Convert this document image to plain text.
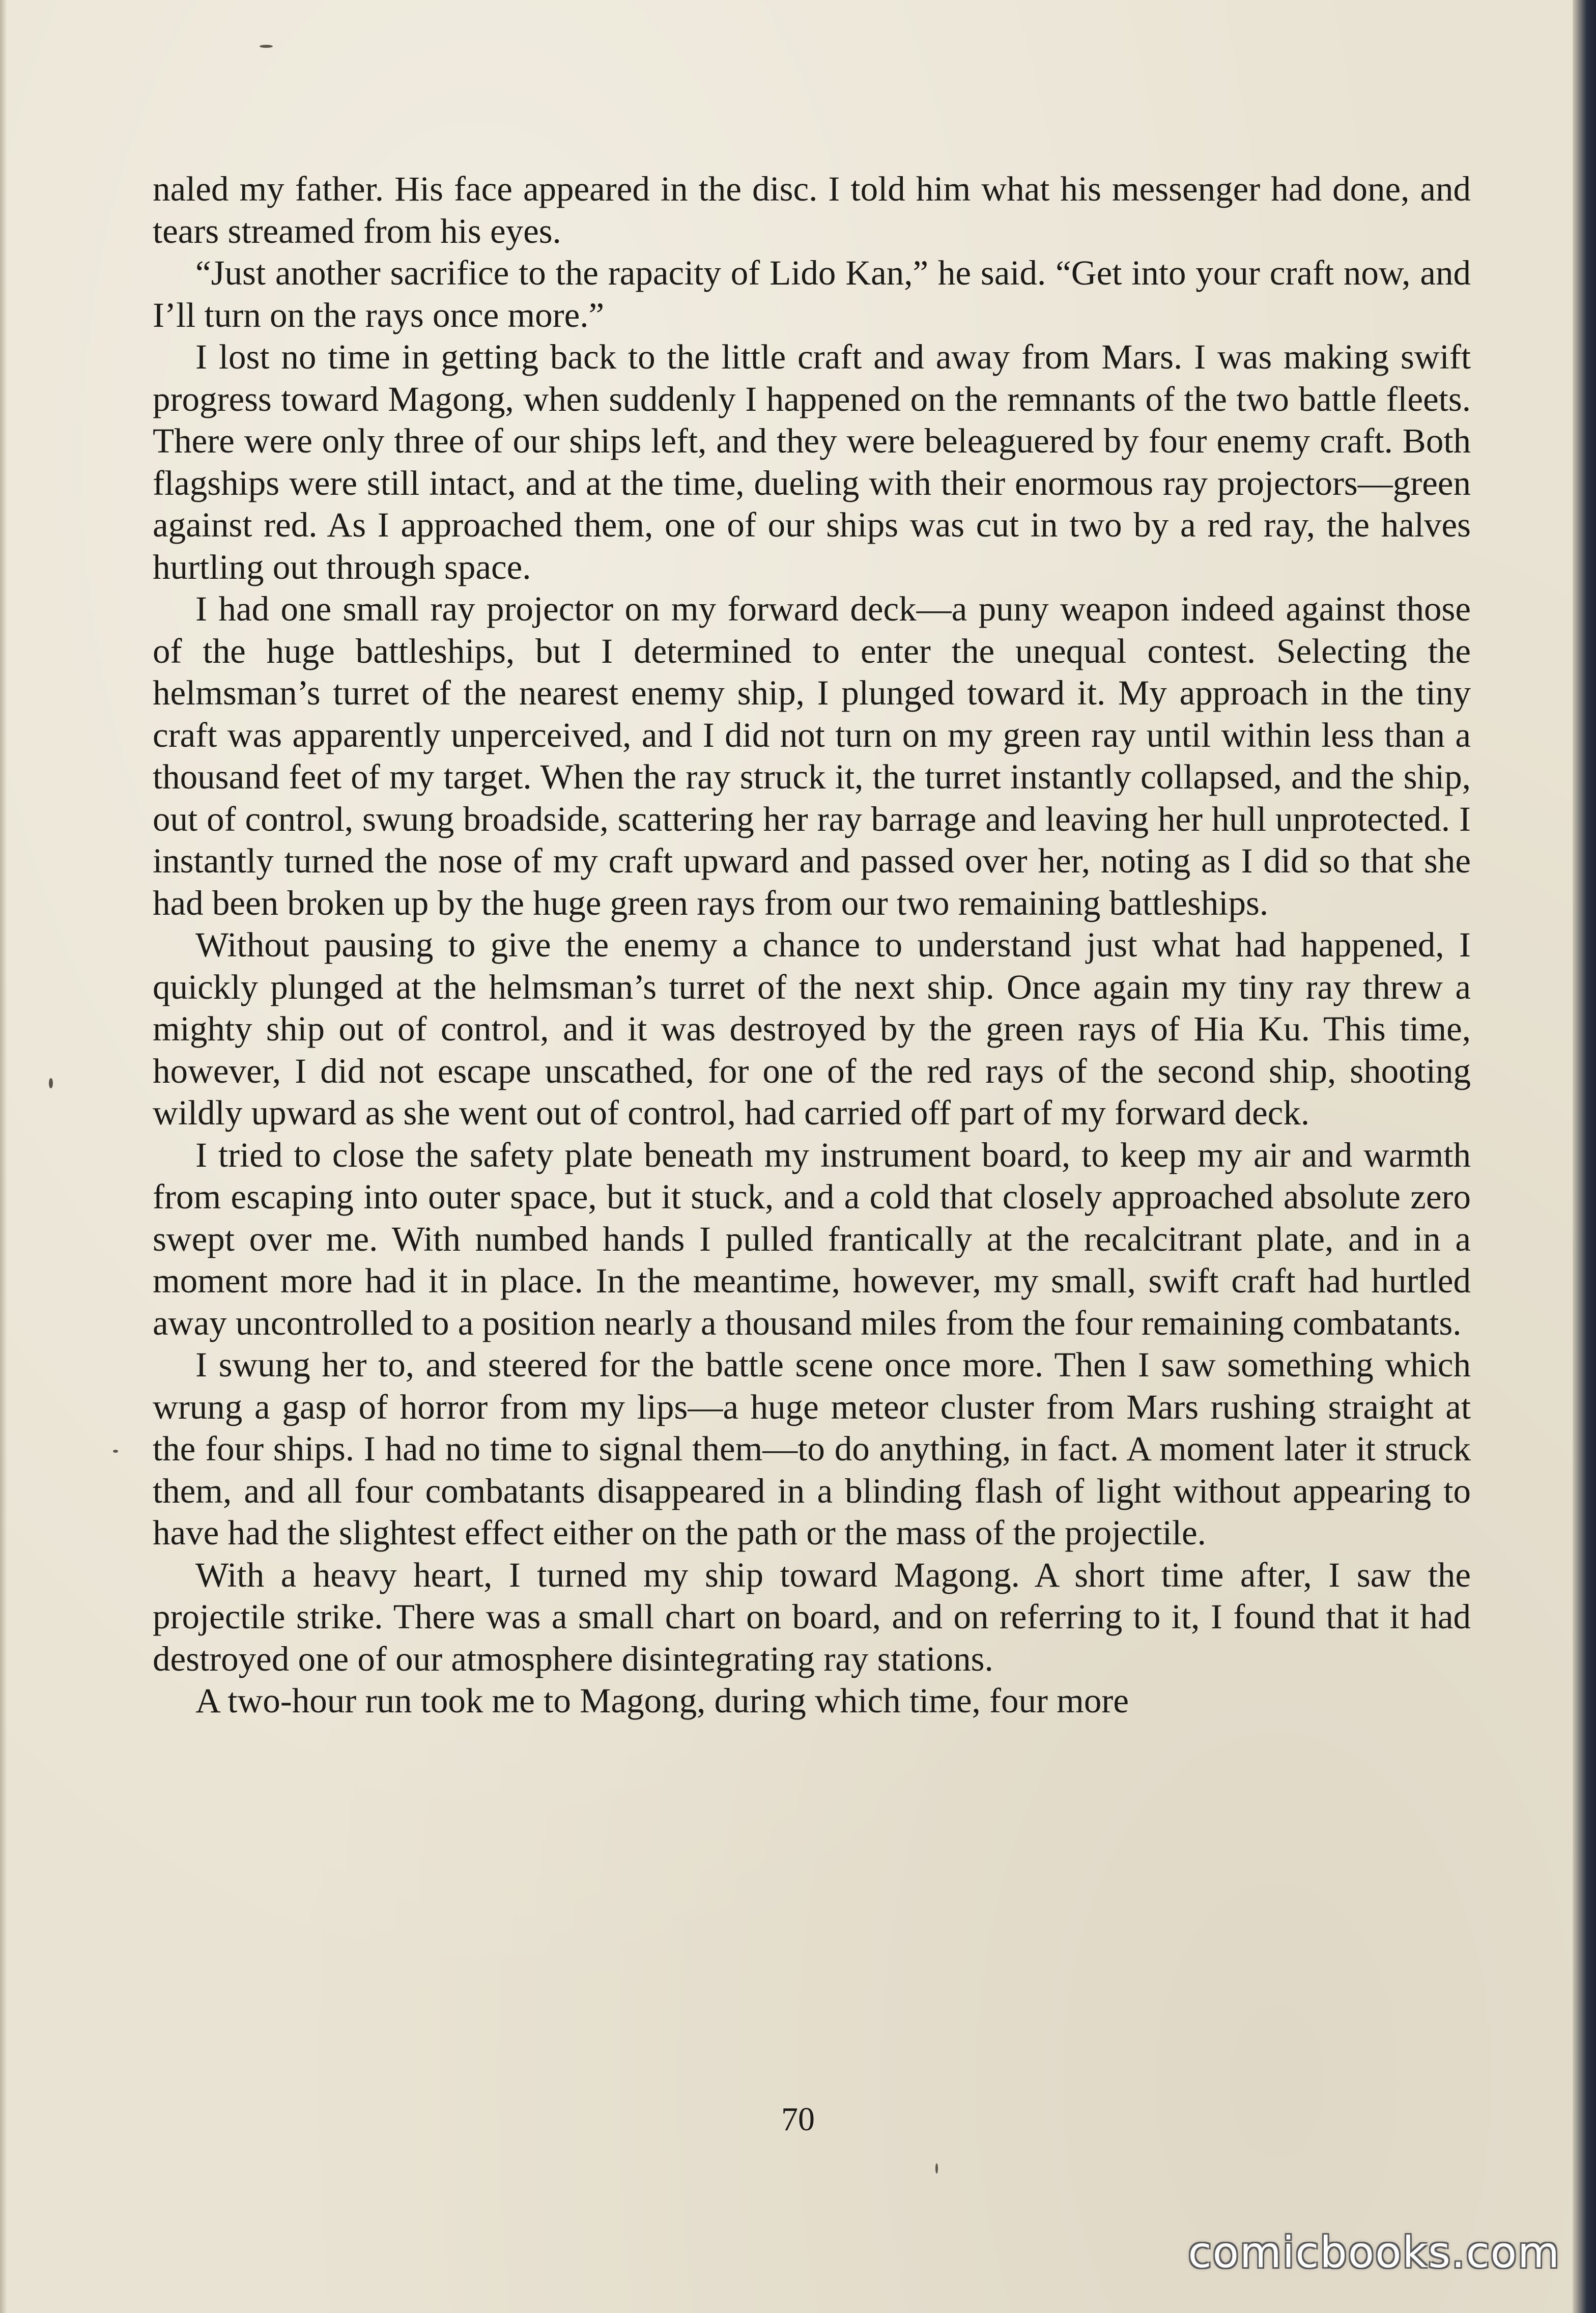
naled my father. His face appeared in the disc. I told him what his messenger had done, and tears streamed from his eyes.

“Just another sacrifice to the rapacity of Lido Kan,” he said. “Get into your craft now, and I’ll turn on the rays once more.”

I lost no time in getting back to the little craft and away from Mars. I was making swift progress toward Magong, when suddenly I happened on the remnants of the two battle fleets. There were only three of our ships left, and they were beleaguered by four enemy craft. Both flagships were still intact, and at the time, dueling with their enormous ray projectors—green against red. As I approached them, one of our ships was cut in two by a red ray, the halves hurtling out through space.

I had one small ray projector on my forward deck—a puny weapon indeed against those of the huge battleships, but I determined to enter the unequal contest. Selecting the helmsman’s turret of the nearest enemy ship, I plunged toward it. My approach in the tiny craft was apparently unperceived, and I did not turn on my green ray until within less than a thousand feet of my target. When the ray struck it, the turret instantly collapsed, and the ship, out of control, swung broadside, scattering her ray barrage and leaving her hull unprotected. I instantly turned the nose of my craft upward and passed over her, noting as I did so that she had been broken up by the huge green rays from our two remaining battleships.

Without pausing to give the enemy a chance to understand just what had happened, I quickly plunged at the helmsman’s turret of the next ship. Once again my tiny ray threw a mighty ship out of control, and it was destroyed by the green rays of Hia Ku. This time, however, I did not escape unscathed, for one of the red rays of the second ship, shooting wildly upward as she went out of control, had carried off part of my forward deck.

I tried to close the safety plate beneath my instrument board, to keep my air and warmth from escaping into outer space, but it stuck, and a cold that closely approached absolute zero swept over me. With numbed hands I pulled frantically at the recalcitrant plate, and in a moment more had it in place. In the meantime, however, my small, swift craft had hurtled away uncontrolled to a position nearly a thousand miles from the four remaining combatants.

I swung her to, and steered for the battle scene once more. Then I saw something which wrung a gasp of horror from my lips—a huge meteor cluster from Mars rushing straight at the four ships. I had no time to signal them—to do anything, in fact. A moment later it struck them, and all four combatants disappeared in a blinding flash of light without appearing to have had the slightest effect either on the path or the mass of the projectile.

With a heavy heart, I turned my ship toward Magong. A short time after, I saw the projectile strike. There was a small chart on board, and on referring to it, I found that it had destroyed one of our atmosphere disintegrating ray stations.

A two-hour run took me to Magong, during which time, four more

70
comicbooks.com
